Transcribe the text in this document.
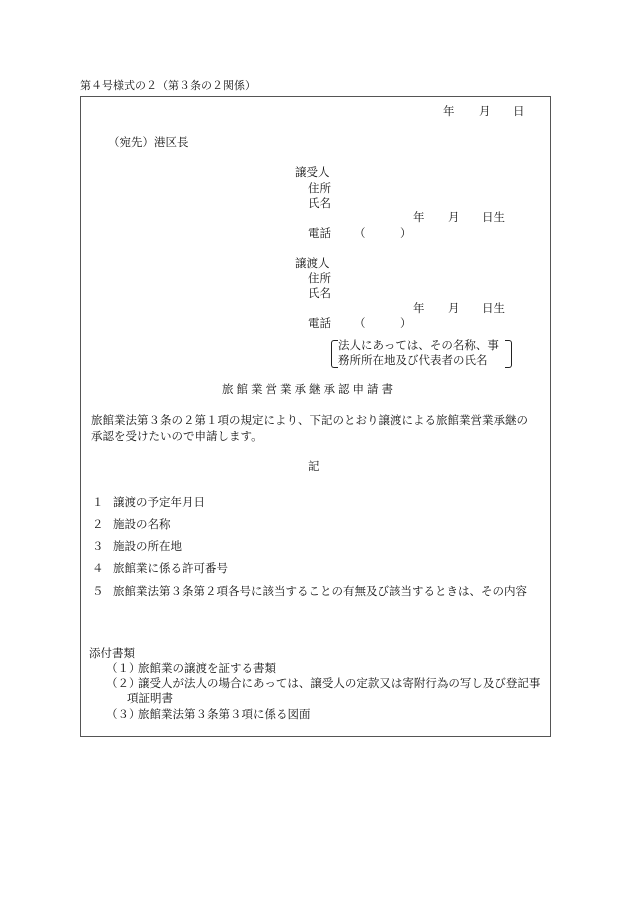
第４号様式の２（第３条の２関係）
年 月 日
（宛先）港区長
譲受人
住所
氏名
年 月 日生
電話 （　　　）
譲渡人
住所
氏名
年 月 日生
電話 （　　　）
法人にあっては、その名称、事
務所所在地及び代表者の氏名
旅館業営業承継承認申請書
旅館業法第３条の２第１項の規定により、下記のとおり譲渡による旅館業営業承継の
承認を受けたいので申請します。
記
１ 譲渡の予定年月日
２ 施設の名称
３ 施設の所在地
４ 旅館業に係る許可番号
５ 旅館業法第３条第２項各号に該当することの有無及び該当するときは、その内容
添付書類
（１）
旅館業の譲渡を証する書類
（２）
譲受人が法人の場合にあっては、譲受人の定款又は寄附行為の写し及び登記事
項証明書
（３）
旅館業法第３条第３項に係る図面
